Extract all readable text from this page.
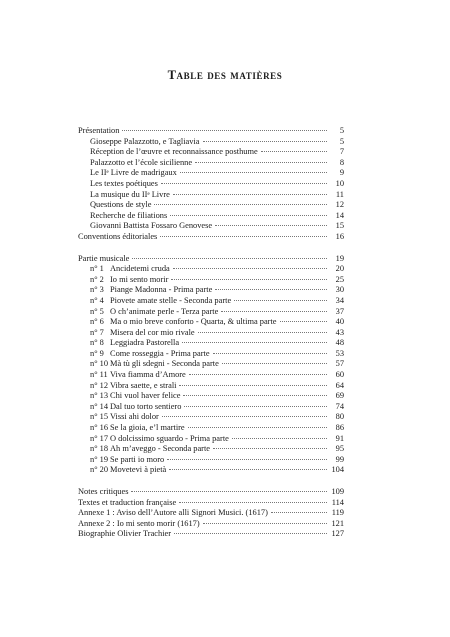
Table des matières
Présentation	5
Gioseppe Palazzotto, e Tagliavia	5
Réception de l’œuvre et reconnaissance posthume	7
Palazzotto et l’école sicilienne	8
Le IIᵉ Livre de madrigaux	9
Les textes poétiques	10
La musique du IIᵉ Livre	11
Questions de style	12
Recherche de filiations	14
Giovanni Battista Fossaro Genovese	15
Conventions éditoriales	16
Partie musicale	19
n° 1 Ancidetemi cruda	20
n° 2 Io mi sento morir	25
n° 3 Piange Madonna - Prima parte	30
n° 4 Piovete amate stelle - Seconda parte	34
n° 5 O ch’animate perle - Terza parte	37
n° 6 Ma o mio breve conforto - Quarta, & ultima parte	40
n° 7 Misera del cor mio rivale	43
n° 8 Leggiadra Pastorella	48
n° 9 Come rosseggia - Prima parte	53
n° 10 Mà tù gli sdegni - Seconda parte	57
n° 11 Viva fiamma d’Amore	60
n° 12 Vibra saette, e strali	64
n° 13 Chi vuol haver felice	69
n° 14 Dal tuo torto sentiero	74
n° 15 Vissi ahi dolor	80
n° 16 Se la gioia, e’l martire	86
n° 17 O dolcissimo sguardo - Prima parte	91
n° 18 Ah m’aveggo - Seconda parte	95
n° 19 Se parti io moro	99
n° 20 Movetevi à pietà	104
Notes critiques	109
Textes et traduction française	114
Annexe 1 : Aviso dell’Autore alli Signori Musici. (1617)	119
Annexe 2 : Io mi sento morir (1617)	121
Biographie Olivier Trachier	127
